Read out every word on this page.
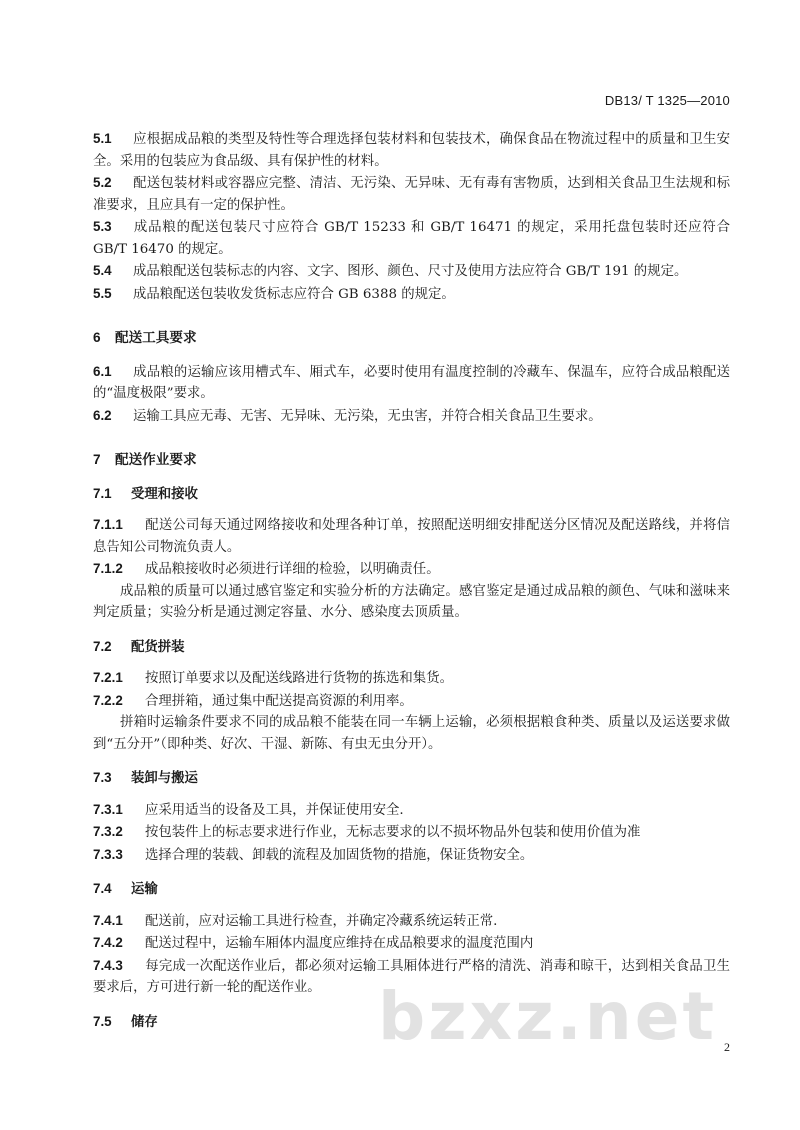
DB13/ T 1325—2010

5.1 应根据成品粮的类型及特性等合理选择包装材料和包装技术，确保食品在物流过程中的质量和卫生安全。采用的包装应为食品级、具有保护性的材料。

5.2 配送包装材料或容器应完整、清洁、无污染、无异味、无有毒有害物质，达到相关食品卫生法规和标准要求，且应具有一定的保护性。

5.3 成品粮的配送包装尺寸应符合 GB/T 15233 和 GB/T 16471 的规定，采用托盘包装时还应符合 GB/T 16470 的规定。

5.4 成品粮配送包装标志的内容、文字、图形、颜色、尺寸及使用方法应符合 GB/T 191 的规定。

5.5 成品粮配送包装收发货标志应符合 GB 6388 的规定。

6 配送工具要求

6.1 成品粮的运输应该用槽式车、厢式车，必要时使用有温度控制的冷藏车、保温车，应符合成品粮配送的“温度极限”要求。

6.2 运输工具应无毒、无害、无异味、无污染，无虫害，并符合相关食品卫生要求。

7 配送作业要求
7.1 受理和接收

7.1.1 配送公司每天通过网络接收和处理各种订单，按照配送明细安排配送分区情况及配送路线，并将信息告知公司物流负责人。

7.1.2 成品粮接收时必须进行详细的检验，以明确责任。

成品粮的质量可以通过感官鉴定和实验分析的方法确定。感官鉴定是通过成品粮的颜色、气味和滋味来判定质量；实验分析是通过测定容量、水分、感染度去顶质量。

7.2 配货拼装

7.2.1 按照订单要求以及配送线路进行货物的拣选和集货。

7.2.2 合理拼箱，通过集中配送提高资源的利用率。

拼箱时运输条件要求不同的成品粮不能装在同一车辆上运输，必须根据粮食种类、质量以及运送要求做到“五分开”（即种类、好次、干湿、新陈、有虫无虫分开）。

7.3 装卸与搬运

7.3.1 应采用适当的设备及工具，并保证使用安全.

7.3.2 按包装件上的标志要求进行作业，无标志要求的以不损坏物品外包装和使用价值为准

7.3.3 选择合理的装载、卸载的流程及加固货物的措施，保证货物安全。

7.4 运输

7.4.1 配送前，应对运输工具进行检查，并确定冷藏系统运转正常.

7.4.2 配送过程中，运输车厢体内温度应维持在成品粮要求的温度范围内

7.4.3 每完成一次配送作业后，都必须对运输工具厢体进行严格的清洗、消毒和晾干，达到相关食品卫生要求后，方可进行新一轮的配送作业。

7.5 储存	bzxz.net 2
